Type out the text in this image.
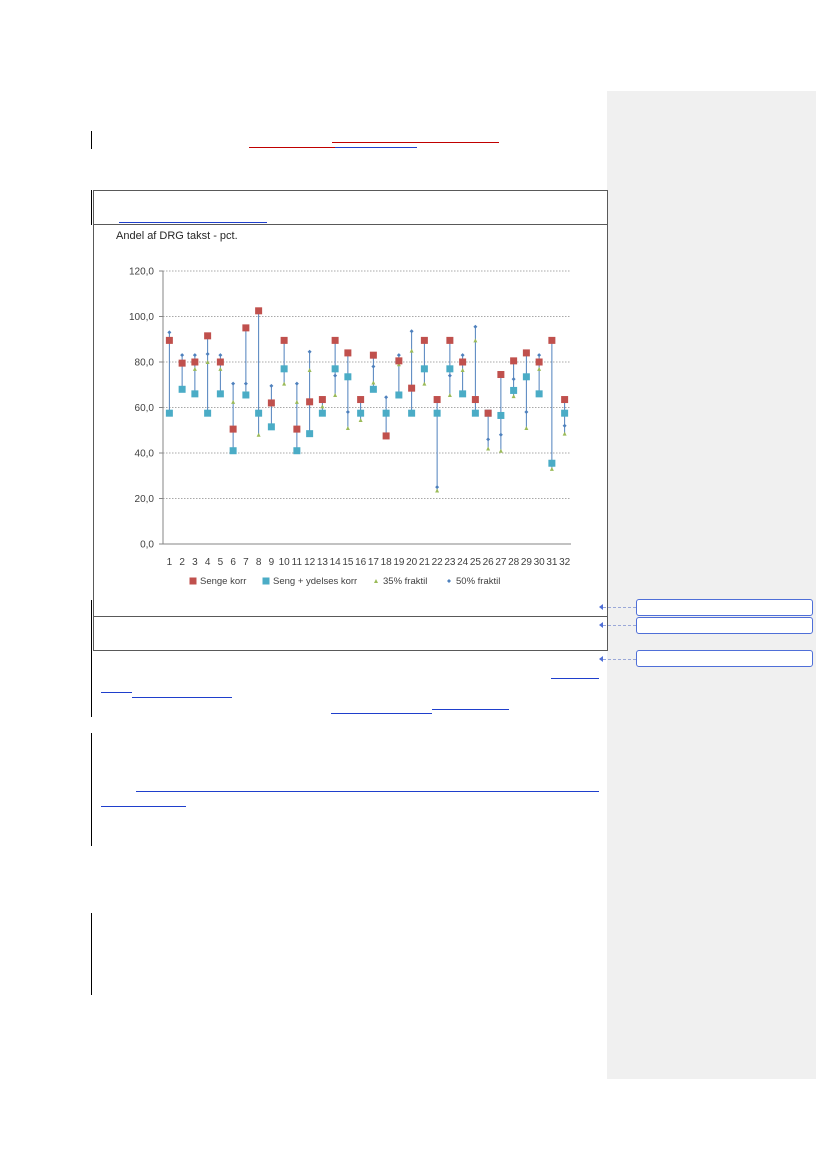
Andel af DRG takst - pct.
0,0
20,0
40,0
60,0
80,0
100,0
120,0
1 2 3 4 5 6 7 8 9 10 11 12 13 14 15 16 17 18 19 20 21 22 23 24 25 26 27 28 29 30 31 32
Senge korr	Seng + ydelses korr	35% fraktil	50% fraktil
